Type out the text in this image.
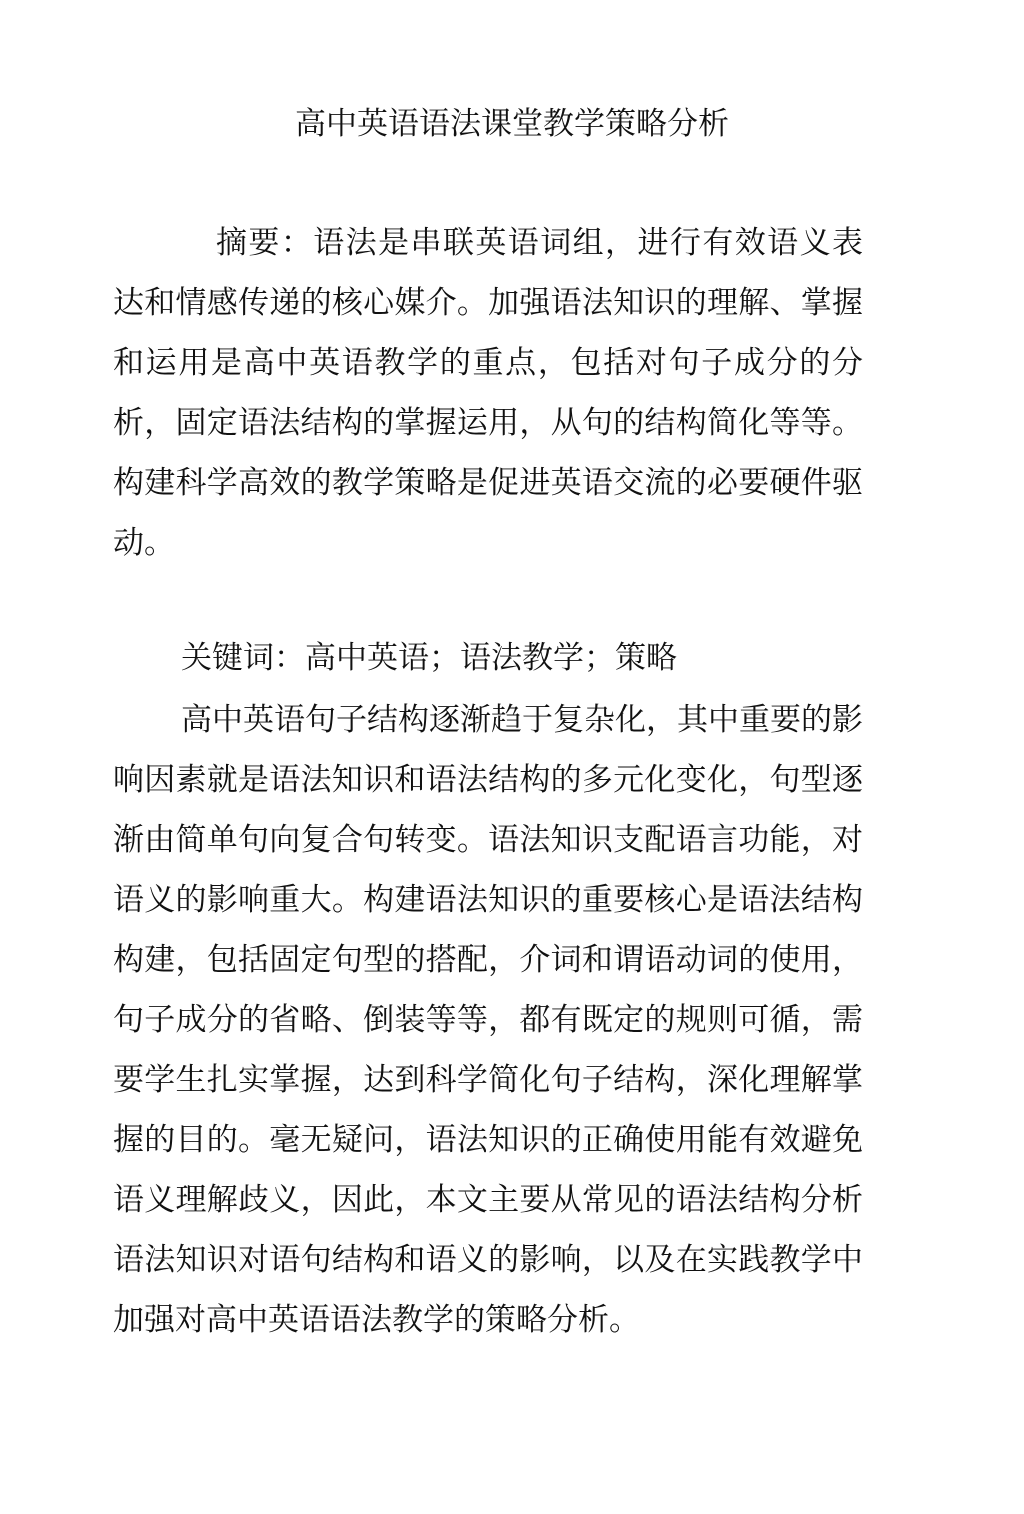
高中英语语法课堂教学策略分析
摘要：语法是串联英语词组，进行有效语义表达和情感传递的核心媒介。加强语法知识的理解、掌握和运用是高中英语教学的重点，包括对句子成分的分析，固定语法结构的掌握运用，从句的结构简化等等。构建科学高效的教学策略是促进英语交流的必要硬件驱动。
关键词：高中英语；语法教学；策略
高中英语句子结构逐渐趋于复杂化，其中重要的影响因素就是语法知识和语法结构的多元化变化，句型逐渐由简单句向复合句转变。语法知识支配语言功能，对语义的影响重大。构建语法知识的重要核心是语法结构构建，包括固定句型的搭配，介词和谓语动词的使用，句子成分的省略、倒装等等，都有既定的规则可循，需要学生扎实掌握，达到科学简化句子结构，深化理解掌握的目的。毫无疑问，语法知识的正确使用能有效避免语义理解歧义，因此，本文主要从常见的语法结构分析语法知识对语句结构和语义的影响，以及在实践教学中加强对高中英语语法教学的策略分析。
